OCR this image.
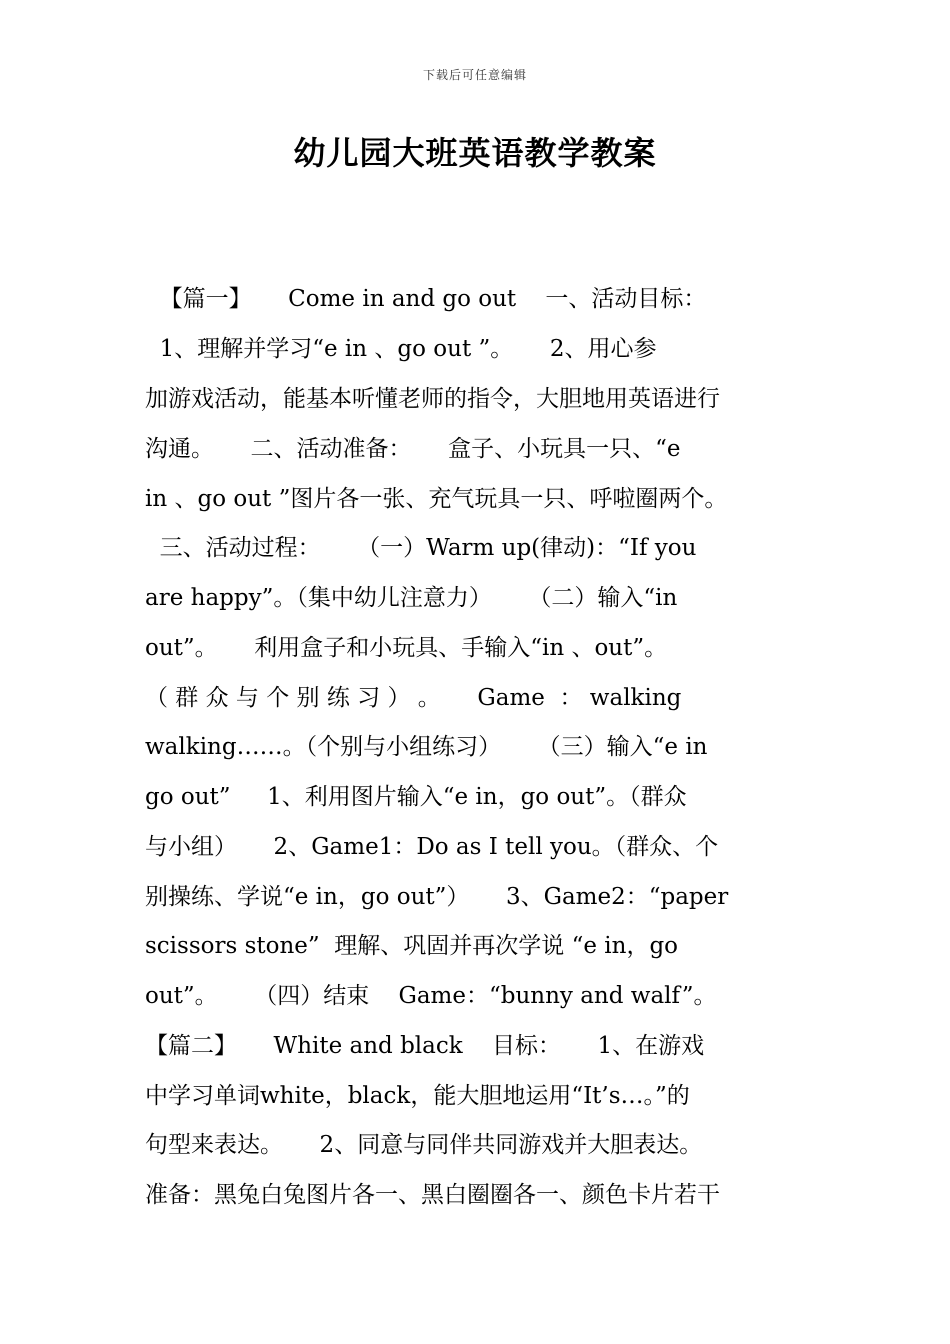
下载后可任意编辑
幼儿园大班英语教学教案
【篇一】     Come in and go out    一、活动目标：
1、理解并学习“e in 、go out ”。     2、用心参
加游戏活动，能基本听懂老师的指令，大胆地用英语进行
沟通。     二、活动准备：     盒子、小玩具一只、“e
in 、go out ”图片各一张、充气玩具一只、呼啦圈两个。
三、活动过程：     （一）Warm up(律动)：“If you
are happy”。（集中幼儿注意力）     （二）输入“in
out”。     利用盒子和小玩具、手输入“in 、out”。
（ 群 众 与 个 别 练 习 ） 。     Game  ： walking
walking……。（个别与小组练习）     （三）输入“e in
go out”     1、利用图片输入“e in，go out”。（群众
与小组）     2、Game1：Do as I tell you。（群众、个
别操练、学说“e in，go out”）     3、Game2：“paper
scissors stone”  理解、巩固并再次学说 “e in，go
out”。     （四）结束    Game：“bunny and walf”。
【篇二】     White and black    目标：     1、在游戏
中学习单词white，black，能大胆地运用“It’s…。”的
句型来表达。     2、同意与同伴共同游戏并大胆表达。
准备：黑兔白兔图片各一、黑白圈圈各一、颜色卡片若干
